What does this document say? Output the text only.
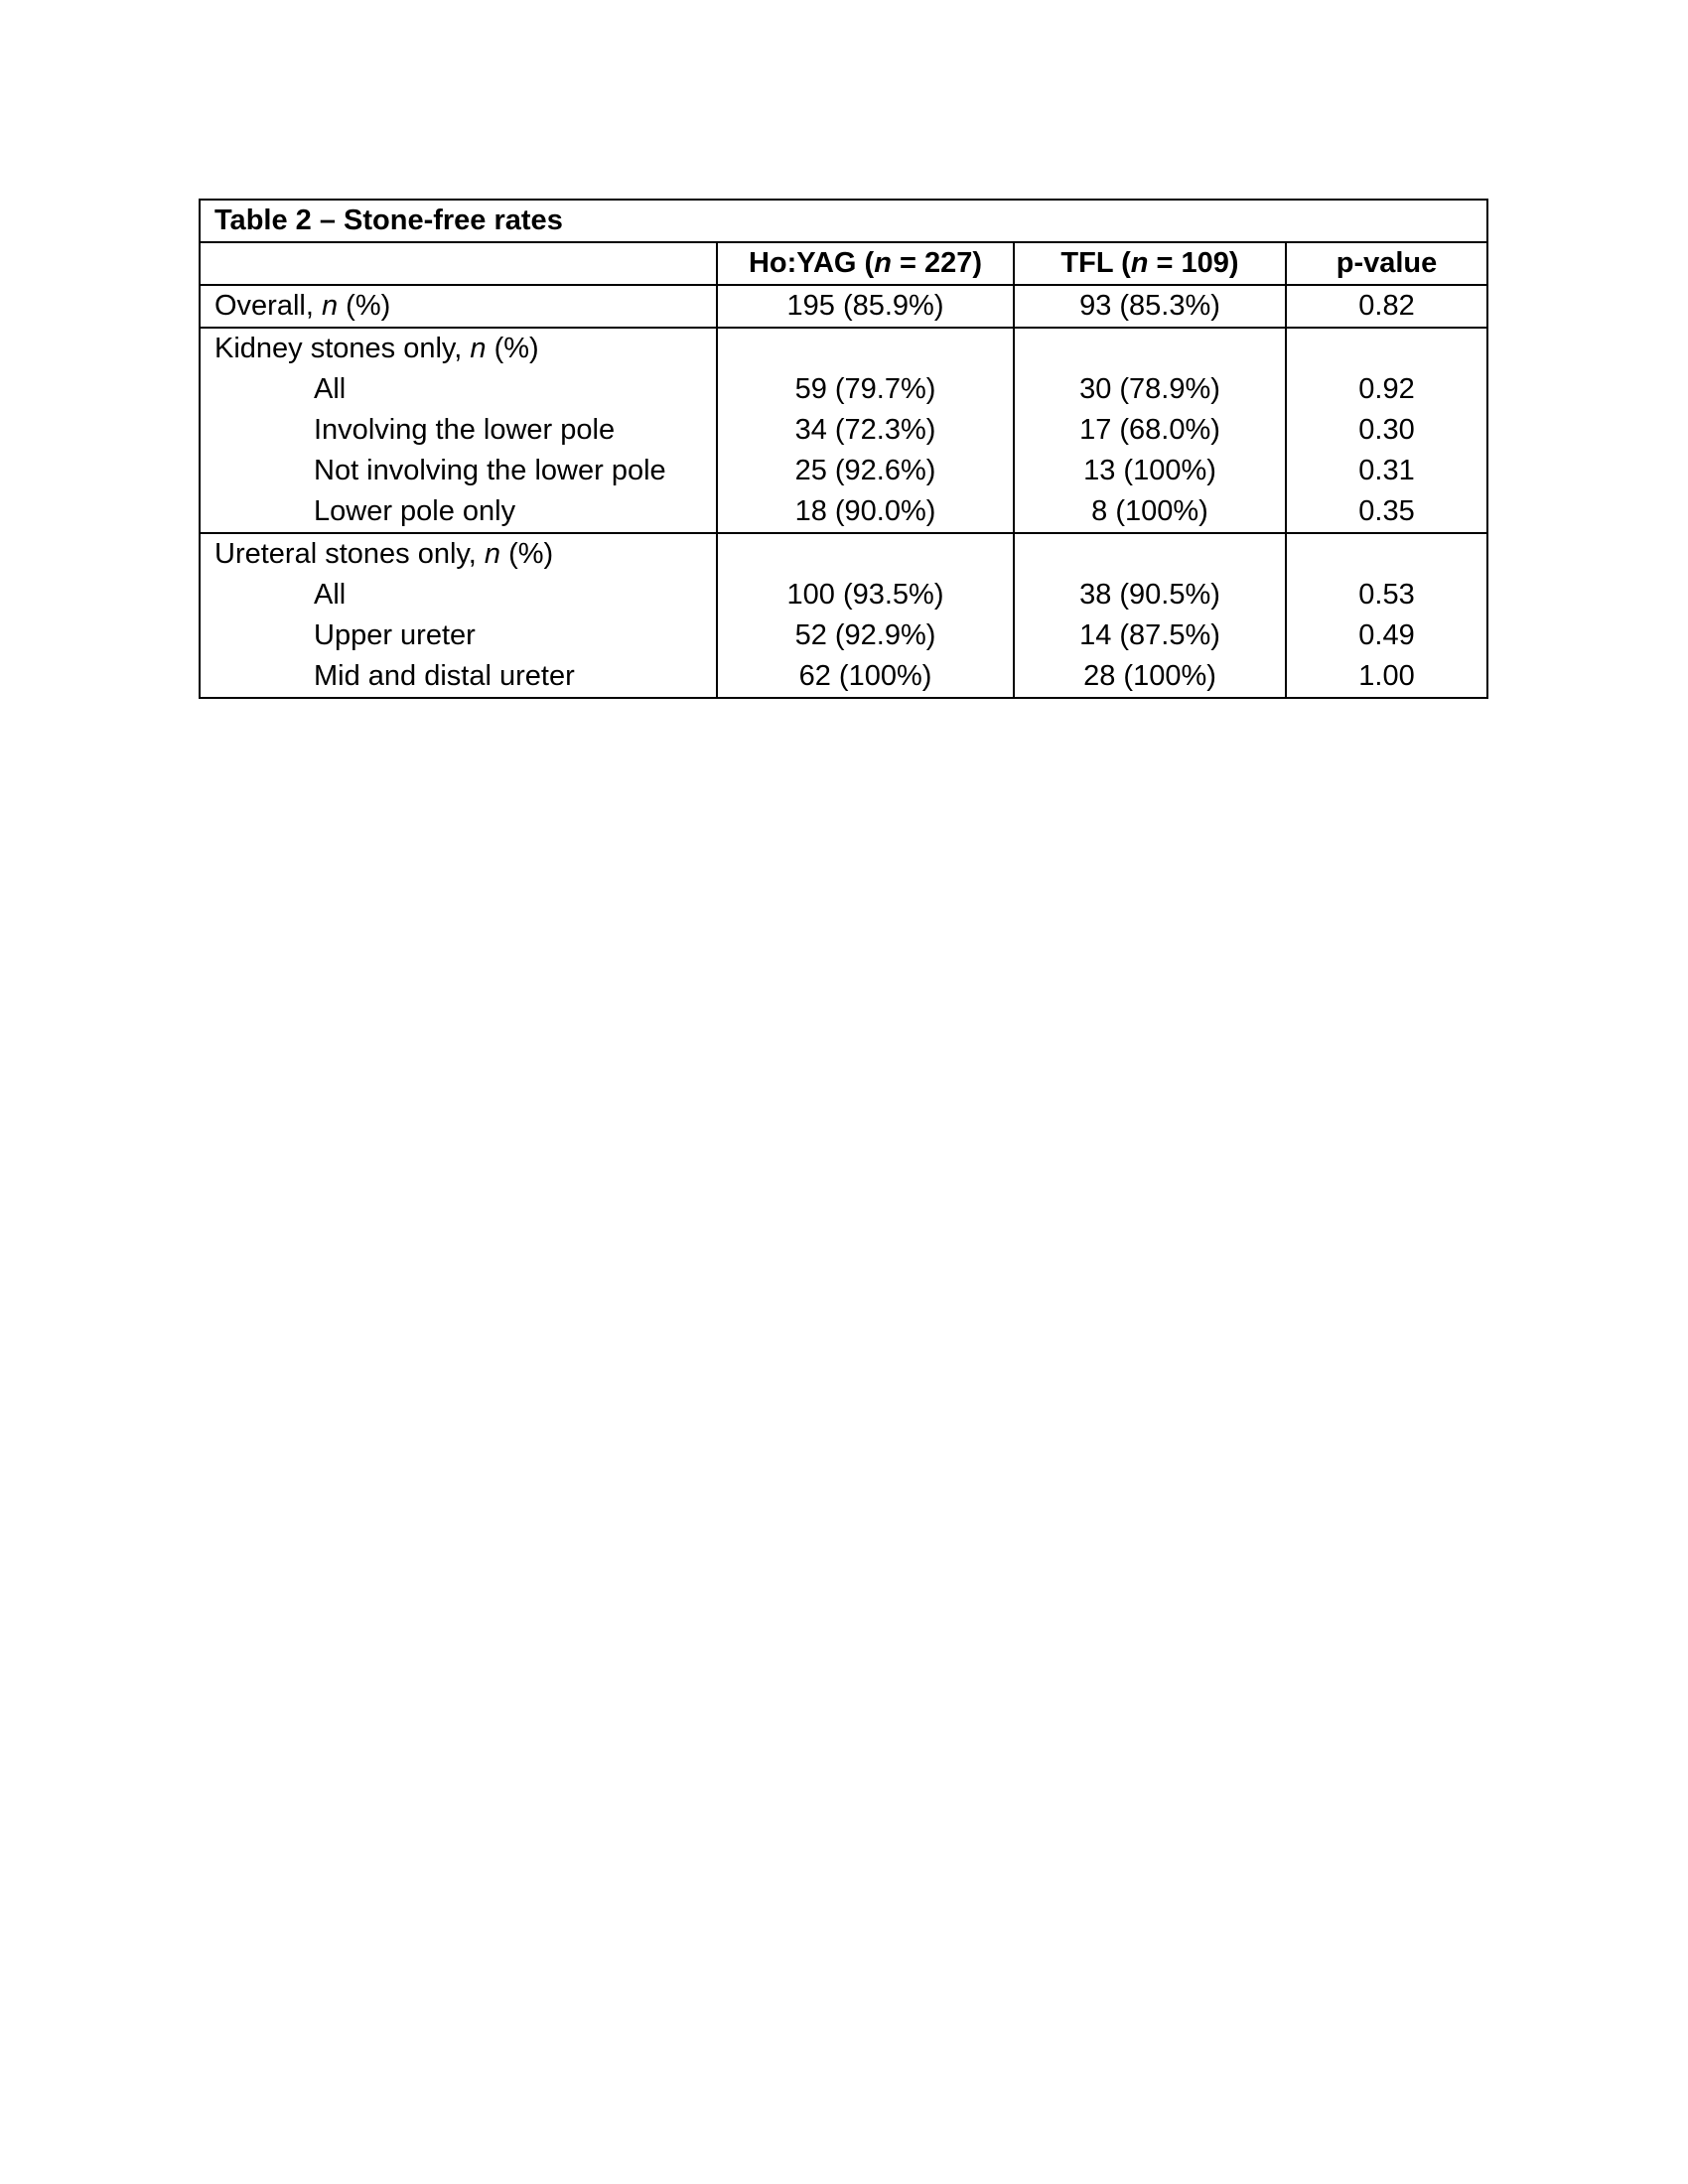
Table 2 – Stone-free rates			
	Ho:YAG (n = 227)	TFL (n = 109)	p-value
Overall, n (%)	195 (85.9%)	93 (85.3%)	0.82
Kidney stones only, n (%)			
All	59 (79.7%)	30 (78.9%)	0.92
Involving the lower pole	34 (72.3%)	17 (68.0%)	0.30
Not involving the lower pole	25 (92.6%)	13 (100%)	0.31
Lower pole only	18 (90.0%)	8 (100%)	0.35
Ureteral stones only, n (%)			
All	100 (93.5%)	38 (90.5%)	0.53
Upper ureter	52 (92.9%)	14 (87.5%)	0.49
Mid and distal ureter	62 (100%)	28 (100%)	1.00
